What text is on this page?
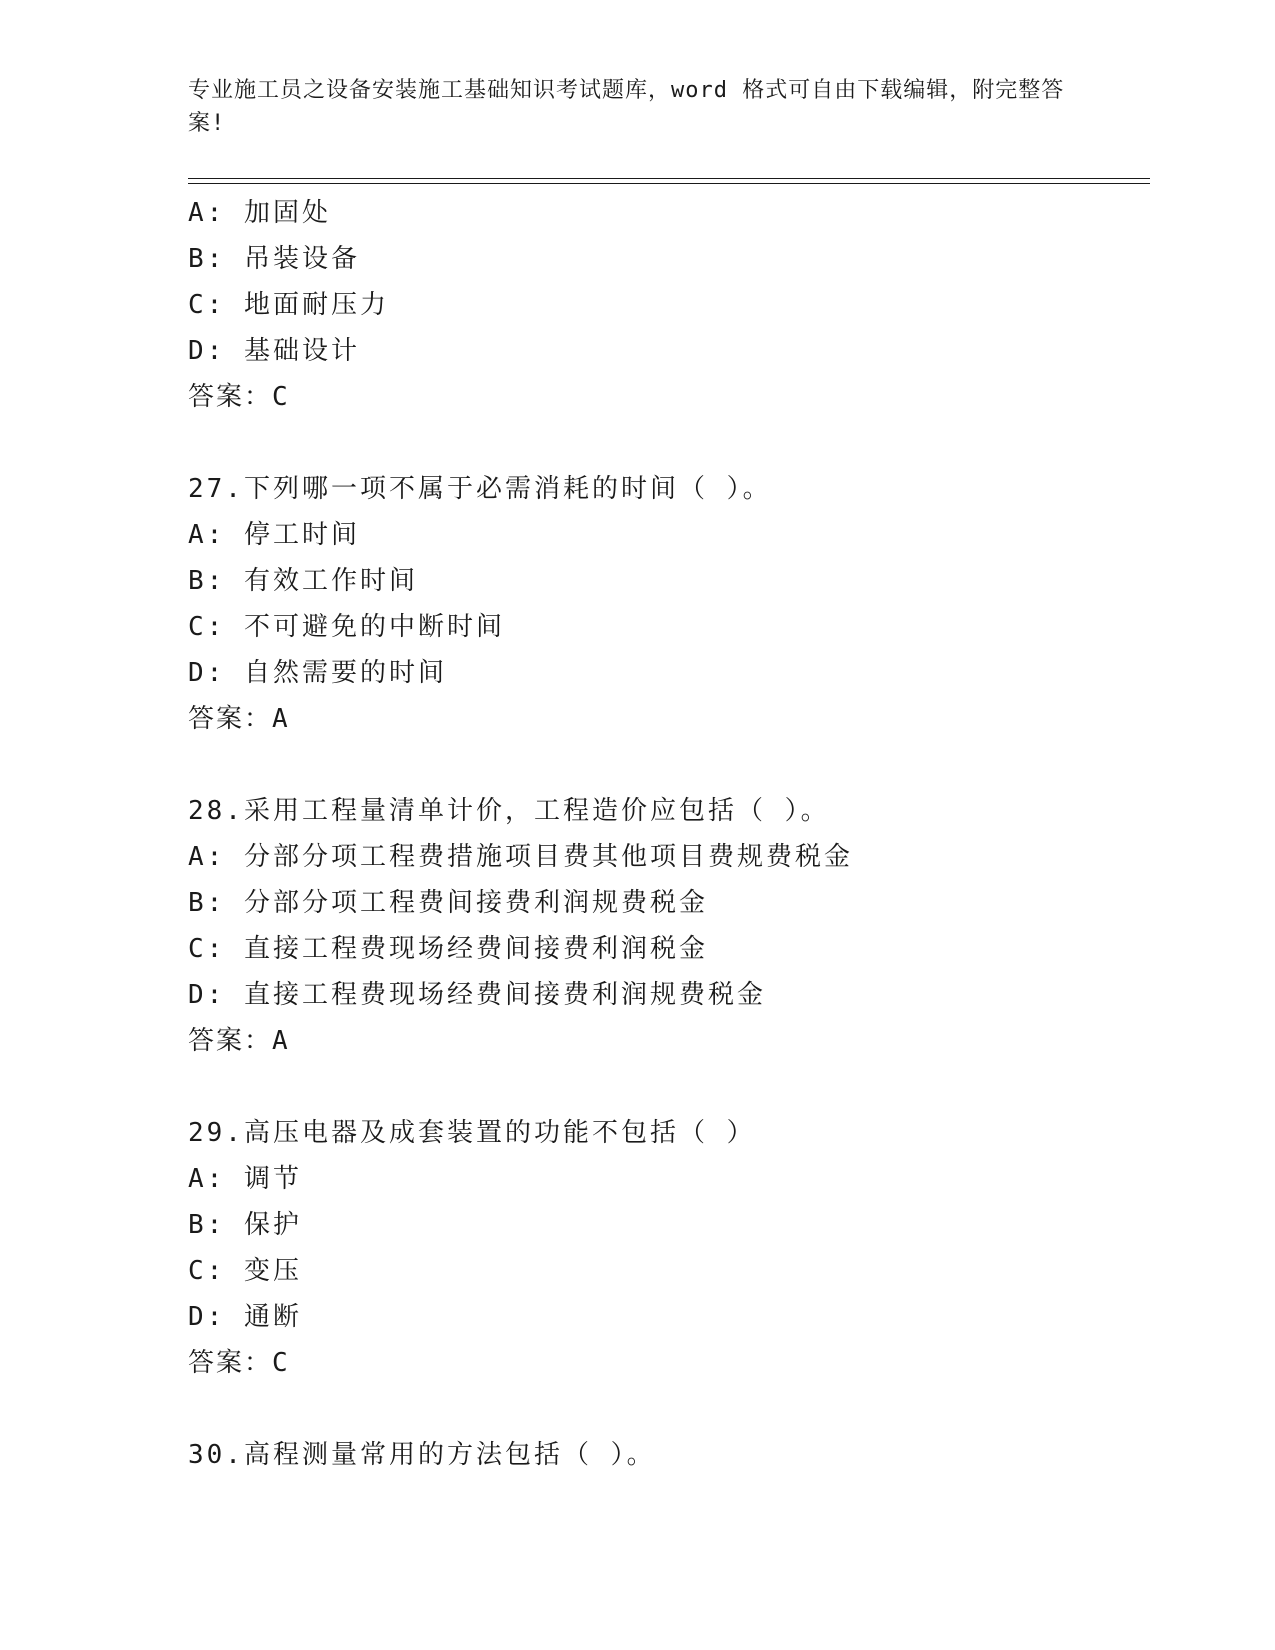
专业施工员之设备安装施工基础知识考试题库，word 格式可自由下载编辑，附完整答案!
A: 加固处
B: 吊装设备
C: 地面耐压力
D: 基础设计
答案：C
27.下列哪一项不属于必需消耗的时间（ ）。
A: 停工时间
B: 有效工作时间
C: 不可避免的中断时间
D: 自然需要的时间
答案：A
28.采用工程量清单计价，工程造价应包括（ ）。
A: 分部分项工程费措施项目费其他项目费规费税金
B: 分部分项工程费间接费利润规费税金
C: 直接工程费现场经费间接费利润税金
D: 直接工程费现场经费间接费利润规费税金
答案：A
29.高压电器及成套装置的功能不包括（ ）
A: 调节
B: 保护
C: 变压
D: 通断
答案：C
30.高程测量常用的方法包括（ ）。
